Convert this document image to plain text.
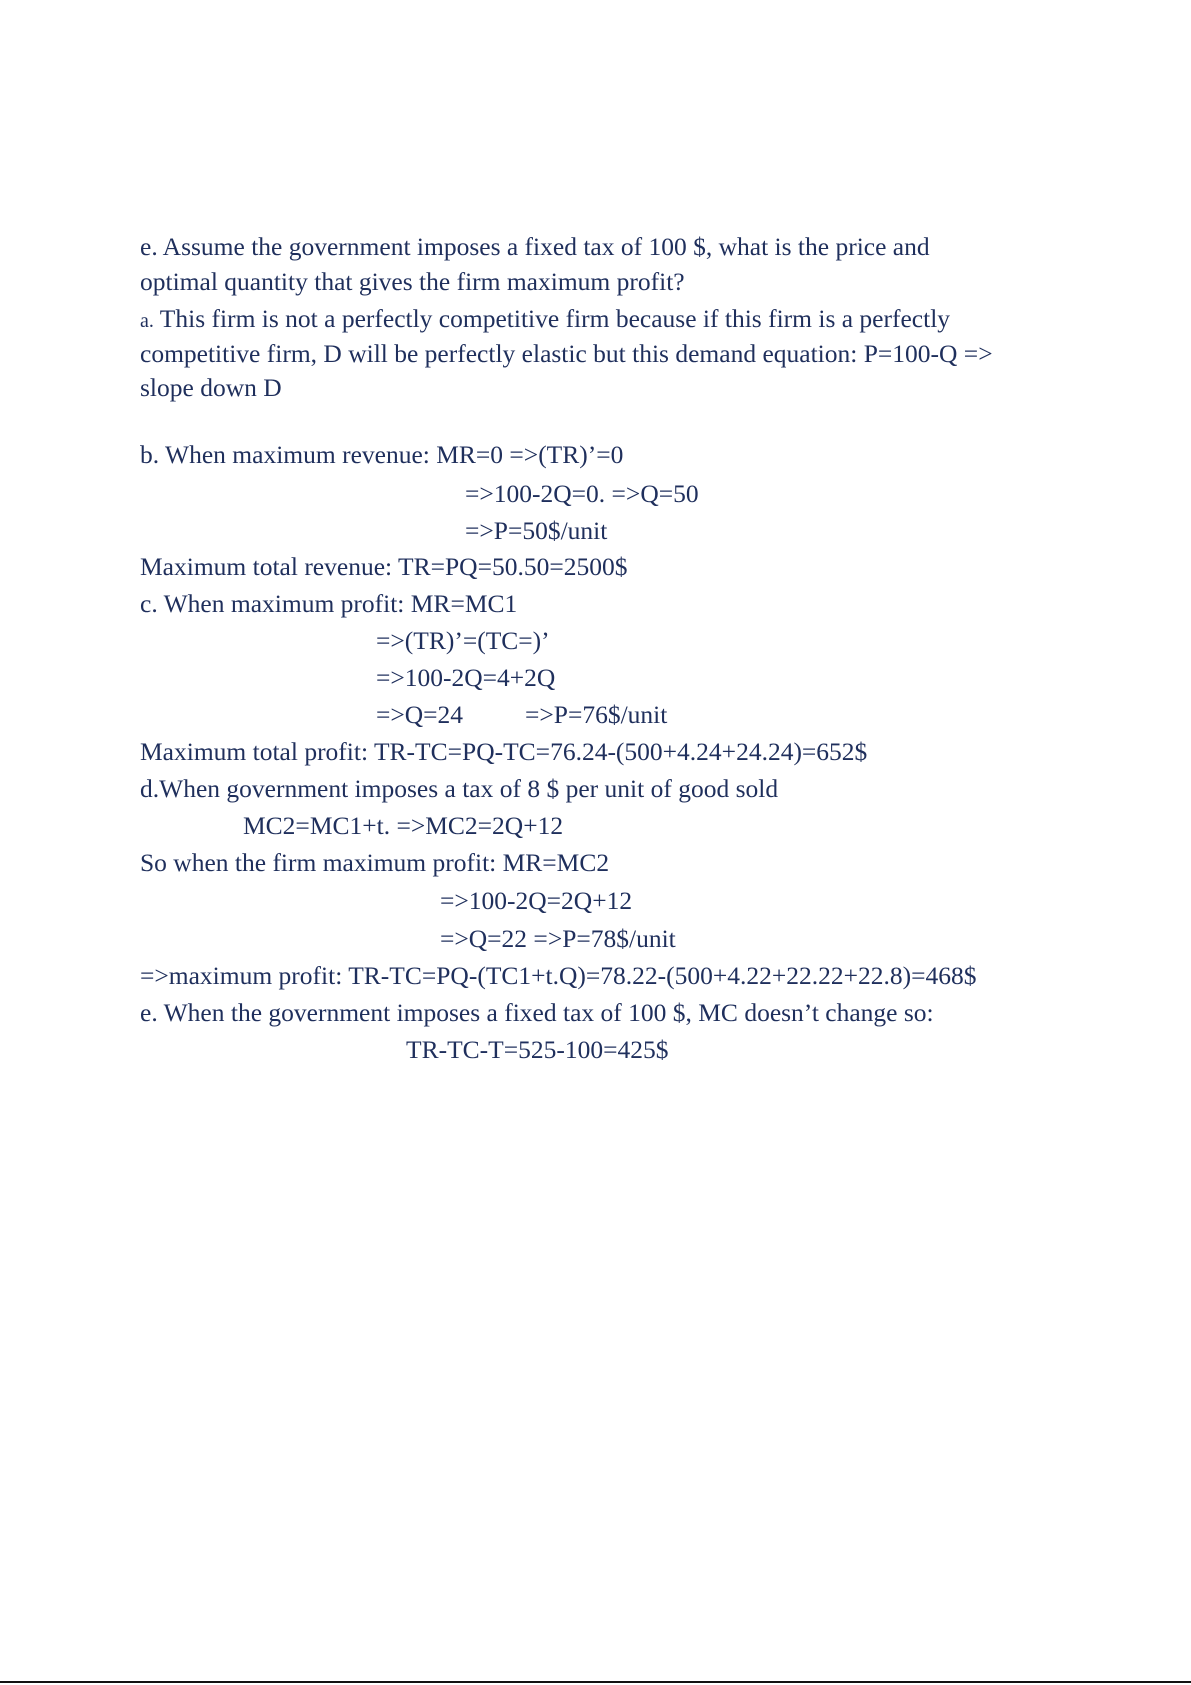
e. Assume the government imposes a fixed tax of 100 $, what is the price and
optimal quantity that gives the firm maximum profit?
a. This firm is not a perfectly competitive firm because if this firm is a perfectly
competitive firm, D will be perfectly elastic but this demand equation: P=100-Q =>
slope down D
b. When maximum revenue: MR=0 =>(TR)’=0
=>100-2Q=0. =>Q=50
=>P=50$/unit
Maximum total revenue: TR=PQ=50.50=2500$
c. When maximum profit: MR=MC1
=>(TR)’=(TC=)’
=>100-2Q=4+2Q
=>Q=24 =>P=76$/unit
Maximum total profit: TR-TC=PQ-TC=76.24-(500+4.24+24.24)=652$
d.When government imposes a tax of 8 $ per unit of good sold
MC2=MC1+t. =>MC2=2Q+12
So when the firm maximum profit: MR=MC2
=>100-2Q=2Q+12
=>Q=22 =>P=78$/unit
=>maximum profit: TR-TC=PQ-(TC1+t.Q)=78.22-(500+4.22+22.22+22.8)=468$
e. When the government imposes a fixed tax of 100 $, MC doesn’t change so:
TR-TC-T=525-100=425$
